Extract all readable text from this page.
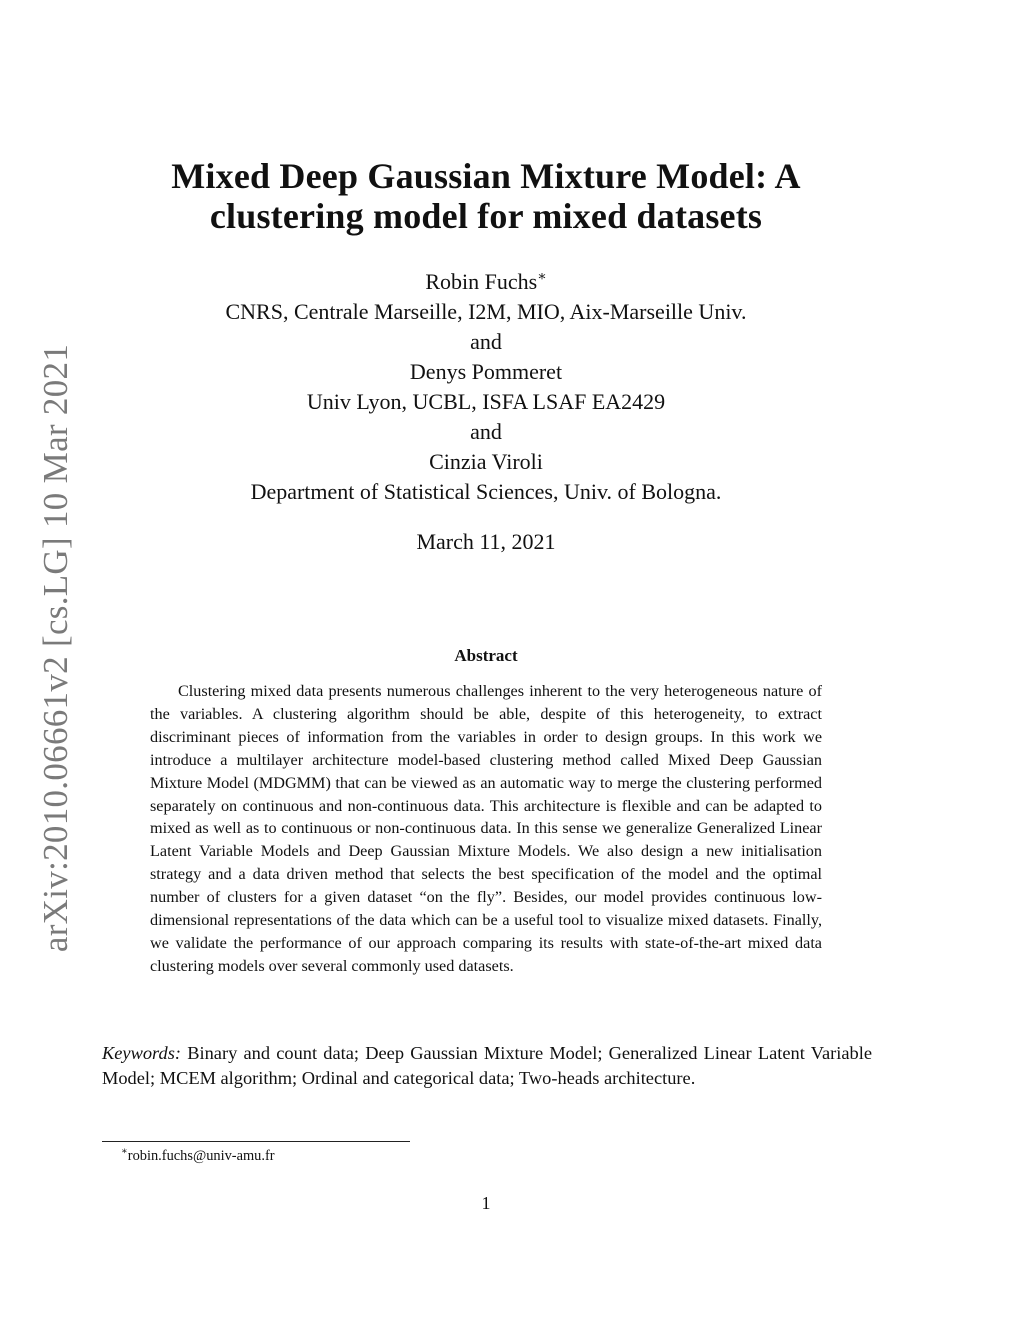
arXiv:2010.06661v2 [cs.LG] 10 Mar 2021
Mixed Deep Gaussian Mixture Model: A
clustering model for mixed datasets
Robin Fuchs∗
CNRS, Centrale Marseille, I2M, MIO, Aix-Marseille Univ.
and
Denys Pommeret
Univ Lyon, UCBL, ISFA LSAF EA2429
and
Cinzia Viroli
Department of Statistical Sciences, Univ. of Bologna.
March 11, 2021
Abstract

Clustering mixed data presents numerous challenges inherent to the very heterogeneous nature of the variables. A clustering algorithm should be able, despite of this heterogeneity, to extract discriminant pieces of information from the variables in order to design groups. In this work we introduce a multilayer architecture model-based clustering method called Mixed Deep Gaussian Mixture Model (MDGMM) that can be viewed as an automatic way to merge the clustering performed separately on continuous and non-continuous data. This architecture is flexible and can be adapted to mixed as well as to continuous or non-continuous data. In this sense we generalize Generalized Linear Latent Variable Models and Deep Gaussian Mixture Models. We also design a new initialisation strategy and a data driven method that selects the best specification of the model and the optimal number of clusters for a given dataset “on the fly”. Besides, our model provides continuous low-dimensional representations of the data which can be a useful tool to visualize mixed datasets. Finally, we validate the performance of our approach comparing its results with state-of-the-art mixed data clustering models over several commonly used datasets.

Keywords: Binary and count data; Deep Gaussian Mixture Model; Generalized Linear Latent Variable Model; MCEM algorithm; Ordinal and categorical data; Two-heads architecture.

∗robin.fuchs@univ-amu.fr
1
